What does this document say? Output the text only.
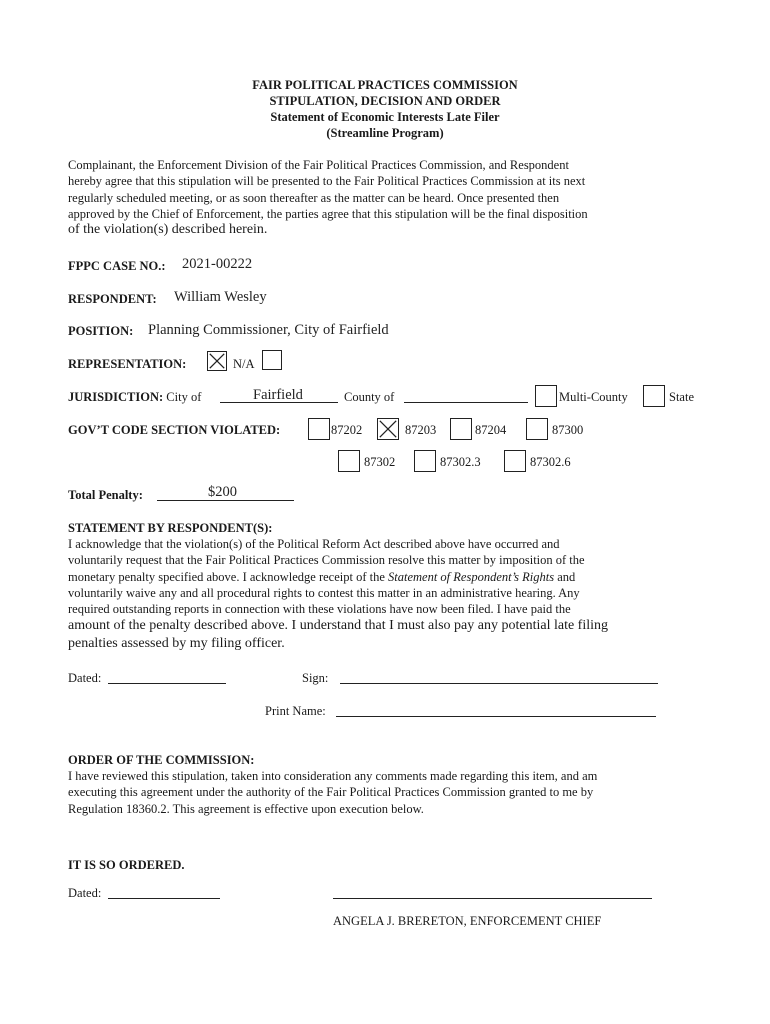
FAIR POLITICAL PRACTICES COMMISSION
STIPULATION, DECISION AND ORDER
Statement of Economic Interests Late Filer
(Streamline Program)
Complainant, the Enforcement Division of the Fair Political Practices Commission, and Respondent
hereby agree that this stipulation will be presented to the Fair Political Practices Commission at its next
regularly scheduled meeting, or as soon thereafter as the matter can be heard. Once presented then
approved by the Chief of Enforcement, the parties agree that this stipulation will be the final disposition
of the violation(s) described herein.
FPPC CASE NO.: 2021-00222
RESPONDENT: William Wesley
POSITION: Planning Commissioner, City of Fairfield
REPRESENTATION:	N/A
JURISDICTION: City of	Fairfield	County of	Multi-County	State
GOV’T CODE SECTION VIOLATED:	87202	87203	87204	87300
87302	87302.3	87302.6
Total Penalty:	$200
STATEMENT BY RESPONDENT(S):
I acknowledge that the violation(s) of the Political Reform Act described above have occurred and
voluntarily request that the Fair Political Practices Commission resolve this matter by imposition of the
monetary penalty specified above. I acknowledge receipt of the Statement of Respondent’s Rights and
voluntarily waive any and all procedural rights to contest this matter in an administrative hearing. Any
required outstanding reports in connection with these violations have now been filed. I have paid the
amount of the penalty described above. I understand that I must also pay any potential late filing
penalties assessed by my filing officer.
Dated:	Sign:
Print Name:
ORDER OF THE COMMISSION:
I have reviewed this stipulation, taken into consideration any comments made regarding this item, and am
executing this agreement under the authority of the Fair Political Practices Commission granted to me by
Regulation 18360.2. This agreement is effective upon execution below.
IT IS SO ORDERED.
Dated:
ANGELA J. BRERETON, ENFORCEMENT CHIEF
